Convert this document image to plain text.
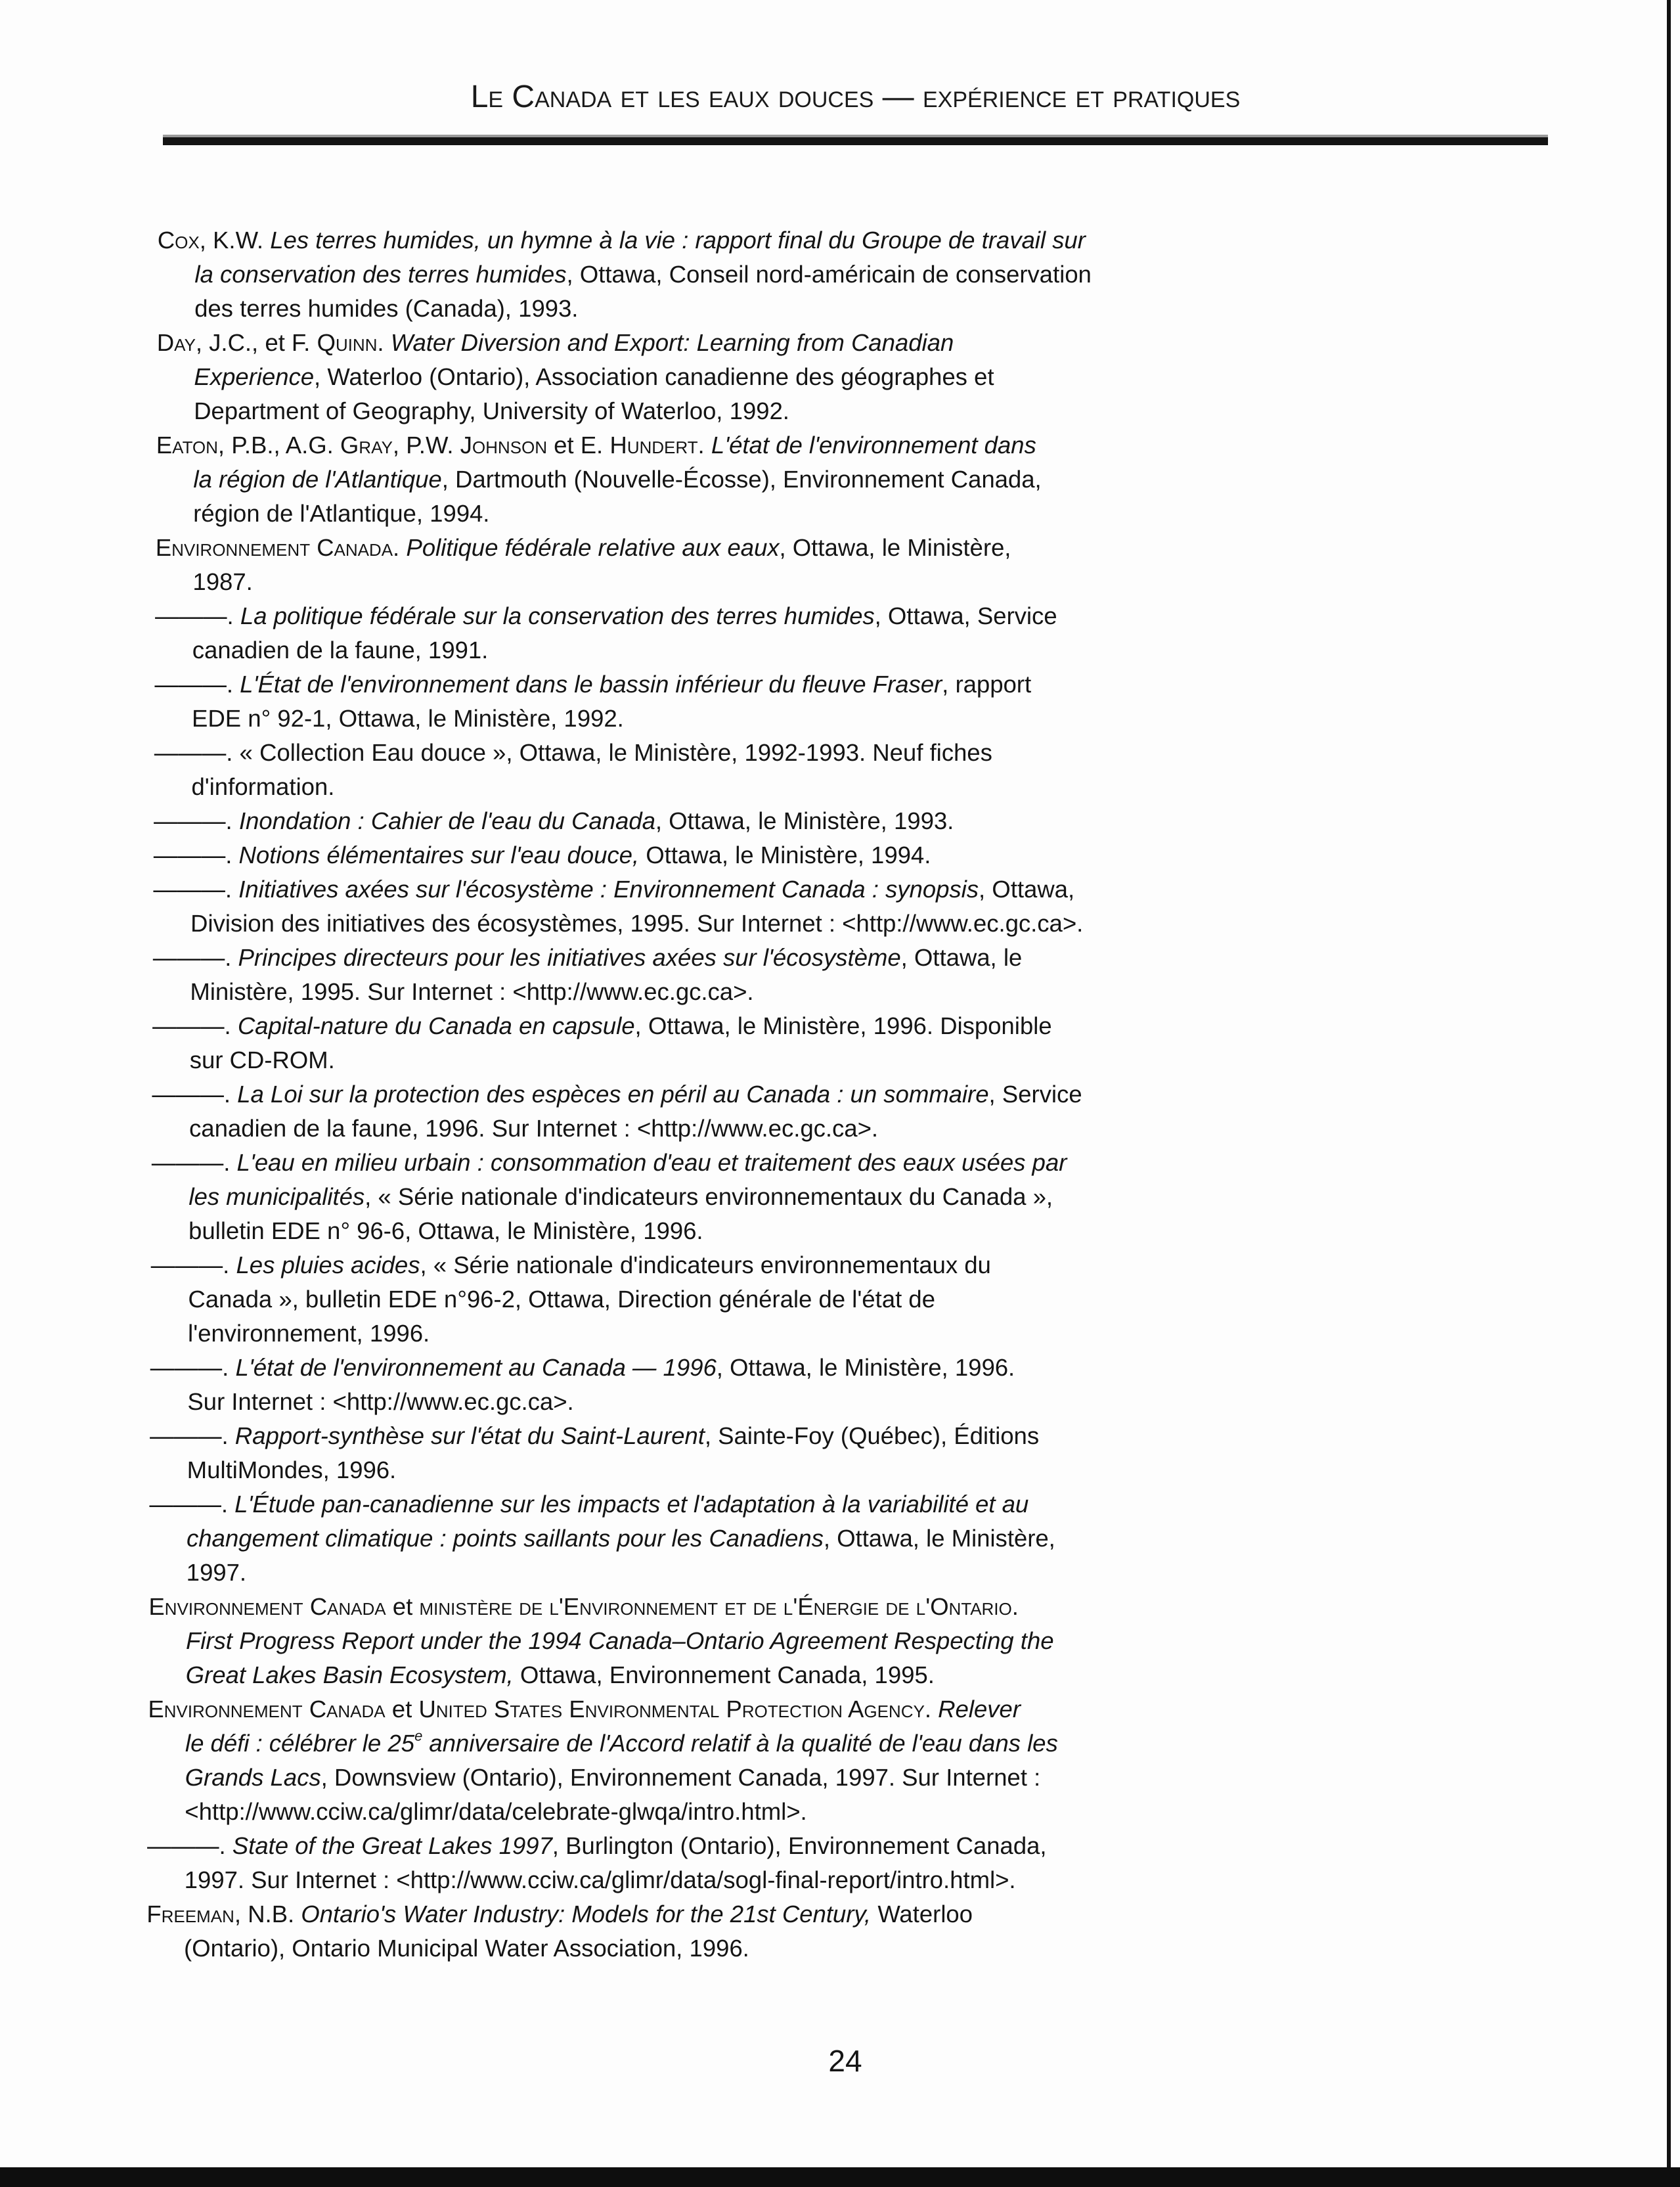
Le Canada et les eaux douces — expérience et pratiques
Cox, K.W. Les terres humides, un hymne à la vie : rapport final du Groupe de travail sur
la conservation des terres humides, Ottawa, Conseil nord-américain de conservation
des terres humides (Canada), 1993.
Day, J.C., et F. Quinn. Water Diversion and Export: Learning from Canadian
Experience, Waterloo (Ontario), Association canadienne des géographes et
Department of Geography, University of Waterloo, 1992.
Eaton, P.B., A.G. Gray, P.W. Johnson et E. Hundert. L'état de l'environnement dans
la région de l'Atlantique, Dartmouth (Nouvelle-Écosse), Environnement Canada,
région de l'Atlantique, 1994.
Environnement Canada. Politique fédérale relative aux eaux, Ottawa, le Ministère,
1987.
———. La politique fédérale sur la conservation des terres humides, Ottawa, Service
canadien de la faune, 1991.
———. L'État de l'environnement dans le bassin inférieur du fleuve Fraser, rapport
EDE n° 92-1, Ottawa, le Ministère, 1992.
———. « Collection Eau douce », Ottawa, le Ministère, 1992-1993. Neuf fiches
d'information.
———. Inondation : Cahier de l'eau du Canada, Ottawa, le Ministère, 1993.
———. Notions élémentaires sur l'eau douce, Ottawa, le Ministère, 1994.
———. Initiatives axées sur l'écosystème : Environnement Canada : synopsis, Ottawa,
Division des initiatives des écosystèmes, 1995. Sur Internet : <http://www.ec.gc.ca>.
———. Principes directeurs pour les initiatives axées sur l'écosystème, Ottawa, le
Ministère, 1995. Sur Internet : <http://www.ec.gc.ca>.
———. Capital-nature du Canada en capsule, Ottawa, le Ministère, 1996. Disponible
sur CD-ROM.
———. La Loi sur la protection des espèces en péril au Canada : un sommaire, Service
canadien de la faune, 1996. Sur Internet : <http://www.ec.gc.ca>.
———. L'eau en milieu urbain : consommation d'eau et traitement des eaux usées par
les municipalités, « Série nationale d'indicateurs environnementaux du Canada »,
bulletin EDE n° 96-6, Ottawa, le Ministère, 1996.
———. Les pluies acides, « Série nationale d'indicateurs environnementaux du
Canada », bulletin EDE n°96-2, Ottawa, Direction générale de l'état de
l'environnement, 1996.
———. L'état de l'environnement au Canada — 1996, Ottawa, le Ministère, 1996.
Sur Internet : <http://www.ec.gc.ca>.
———. Rapport-synthèse sur l'état du Saint-Laurent, Sainte-Foy (Québec), Éditions
MultiMondes, 1996.
———. L'Étude pan-canadienne sur les impacts et l'adaptation à la variabilité et au
changement climatique : points saillants pour les Canadiens, Ottawa, le Ministère,
1997.
Environnement Canada et ministère de l'Environnement et de l'Énergie de l'Ontario.
First Progress Report under the 1994 Canada–Ontario Agreement Respecting the
Great Lakes Basin Ecosystem, Ottawa, Environnement Canada, 1995.
Environnement Canada et United States Environmental Protection Agency. Relever
le défi : célébrer le 25e anniversaire de l'Accord relatif à la qualité de l'eau dans les
Grands Lacs, Downsview (Ontario), Environnement Canada, 1997. Sur Internet :
<http://www.cciw.ca/glimr/data/celebrate-glwqa/intro.html>.
———. State of the Great Lakes 1997, Burlington (Ontario), Environnement Canada,
1997. Sur Internet : <http://www.cciw.ca/glimr/data/sogl-final-report/intro.html>.
Freeman, N.B. Ontario's Water Industry: Models for the 21st Century, Waterloo
(Ontario), Ontario Municipal Water Association, 1996.
24
